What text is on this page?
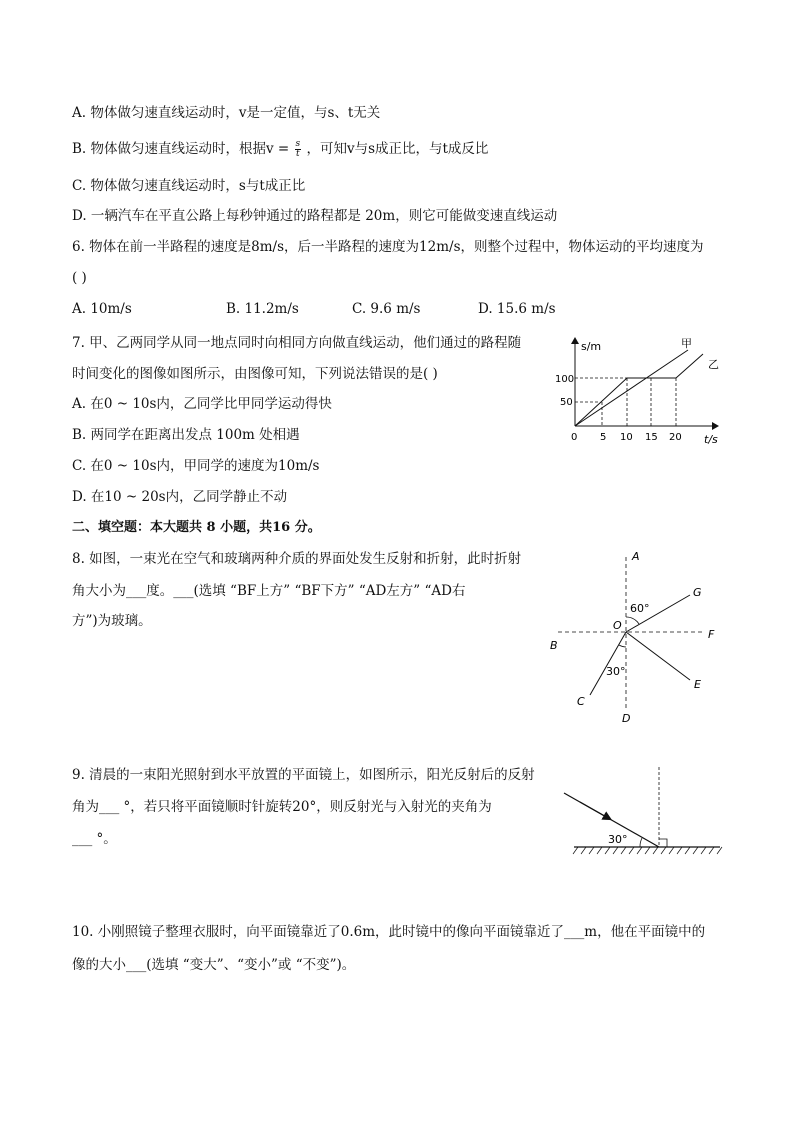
A. 物体做匀速直线运动时，v是一定值，与s、t无关
B. 物体做匀速直线运动时，根据$v = \frac{s}{t}$ ，可知v与s成正比，与t成反比
C. 物体做匀速直线运动时，s与t成正比
D. 一辆汽车在平直公路上每秒钟通过的路程都是 20m，则它可能做变速直线运动
6. 物体在前一半路程的速度是8m/s，后一半路程的速度为12m/s，则整个过程中，物体运动的平均速度为
( )
A. 10m/s	B. 11.2m/s	C. 9.6 m/s	D. 15.6 m/s
7. 甲、乙两同学从同一地点同时向相同方向做直线运动，他们通过的路程随
时间变化的图像如图所示，由图像可知，下列说法错误的是( )
A. 在0 ~ 10s内，乙同学比甲同学运动得快
B. 两同学在距离出发点 100m 处相遇
C. 在0 ~ 10s内，甲同学的速度为10m/s
D. 在10 ~ 20s内，乙同学静止不动
s/m
t/s
0 5 10 15 20
50
100
甲
乙
二、填空题：本大题共 8 小题，共16 分。
8. 如图，一束光在空气和玻璃两种介质的界面处发生反射和折射，此时折射
角大小为___度。___(选填 “BF上方” “BF下方” “AD左方” “AD右
方”)为玻璃。
A
G
60°
O
F
B
30°
E
C
D
9. 清晨的一束阳光照射到水平放置的平面镜上，如图所示，阳光反射后的反射
角为___ °，若只将平面镜顺时针旋转20°，则反射光与入射光的夹角为
___ °。	30°
10. 小刚照镜子整理衣服时，向平面镜靠近了0.6m，此时镜中的像向平面镜靠近了___m，他在平面镜中的
像的大小___(选填 “变大”、“变小”或 “不变”)。
